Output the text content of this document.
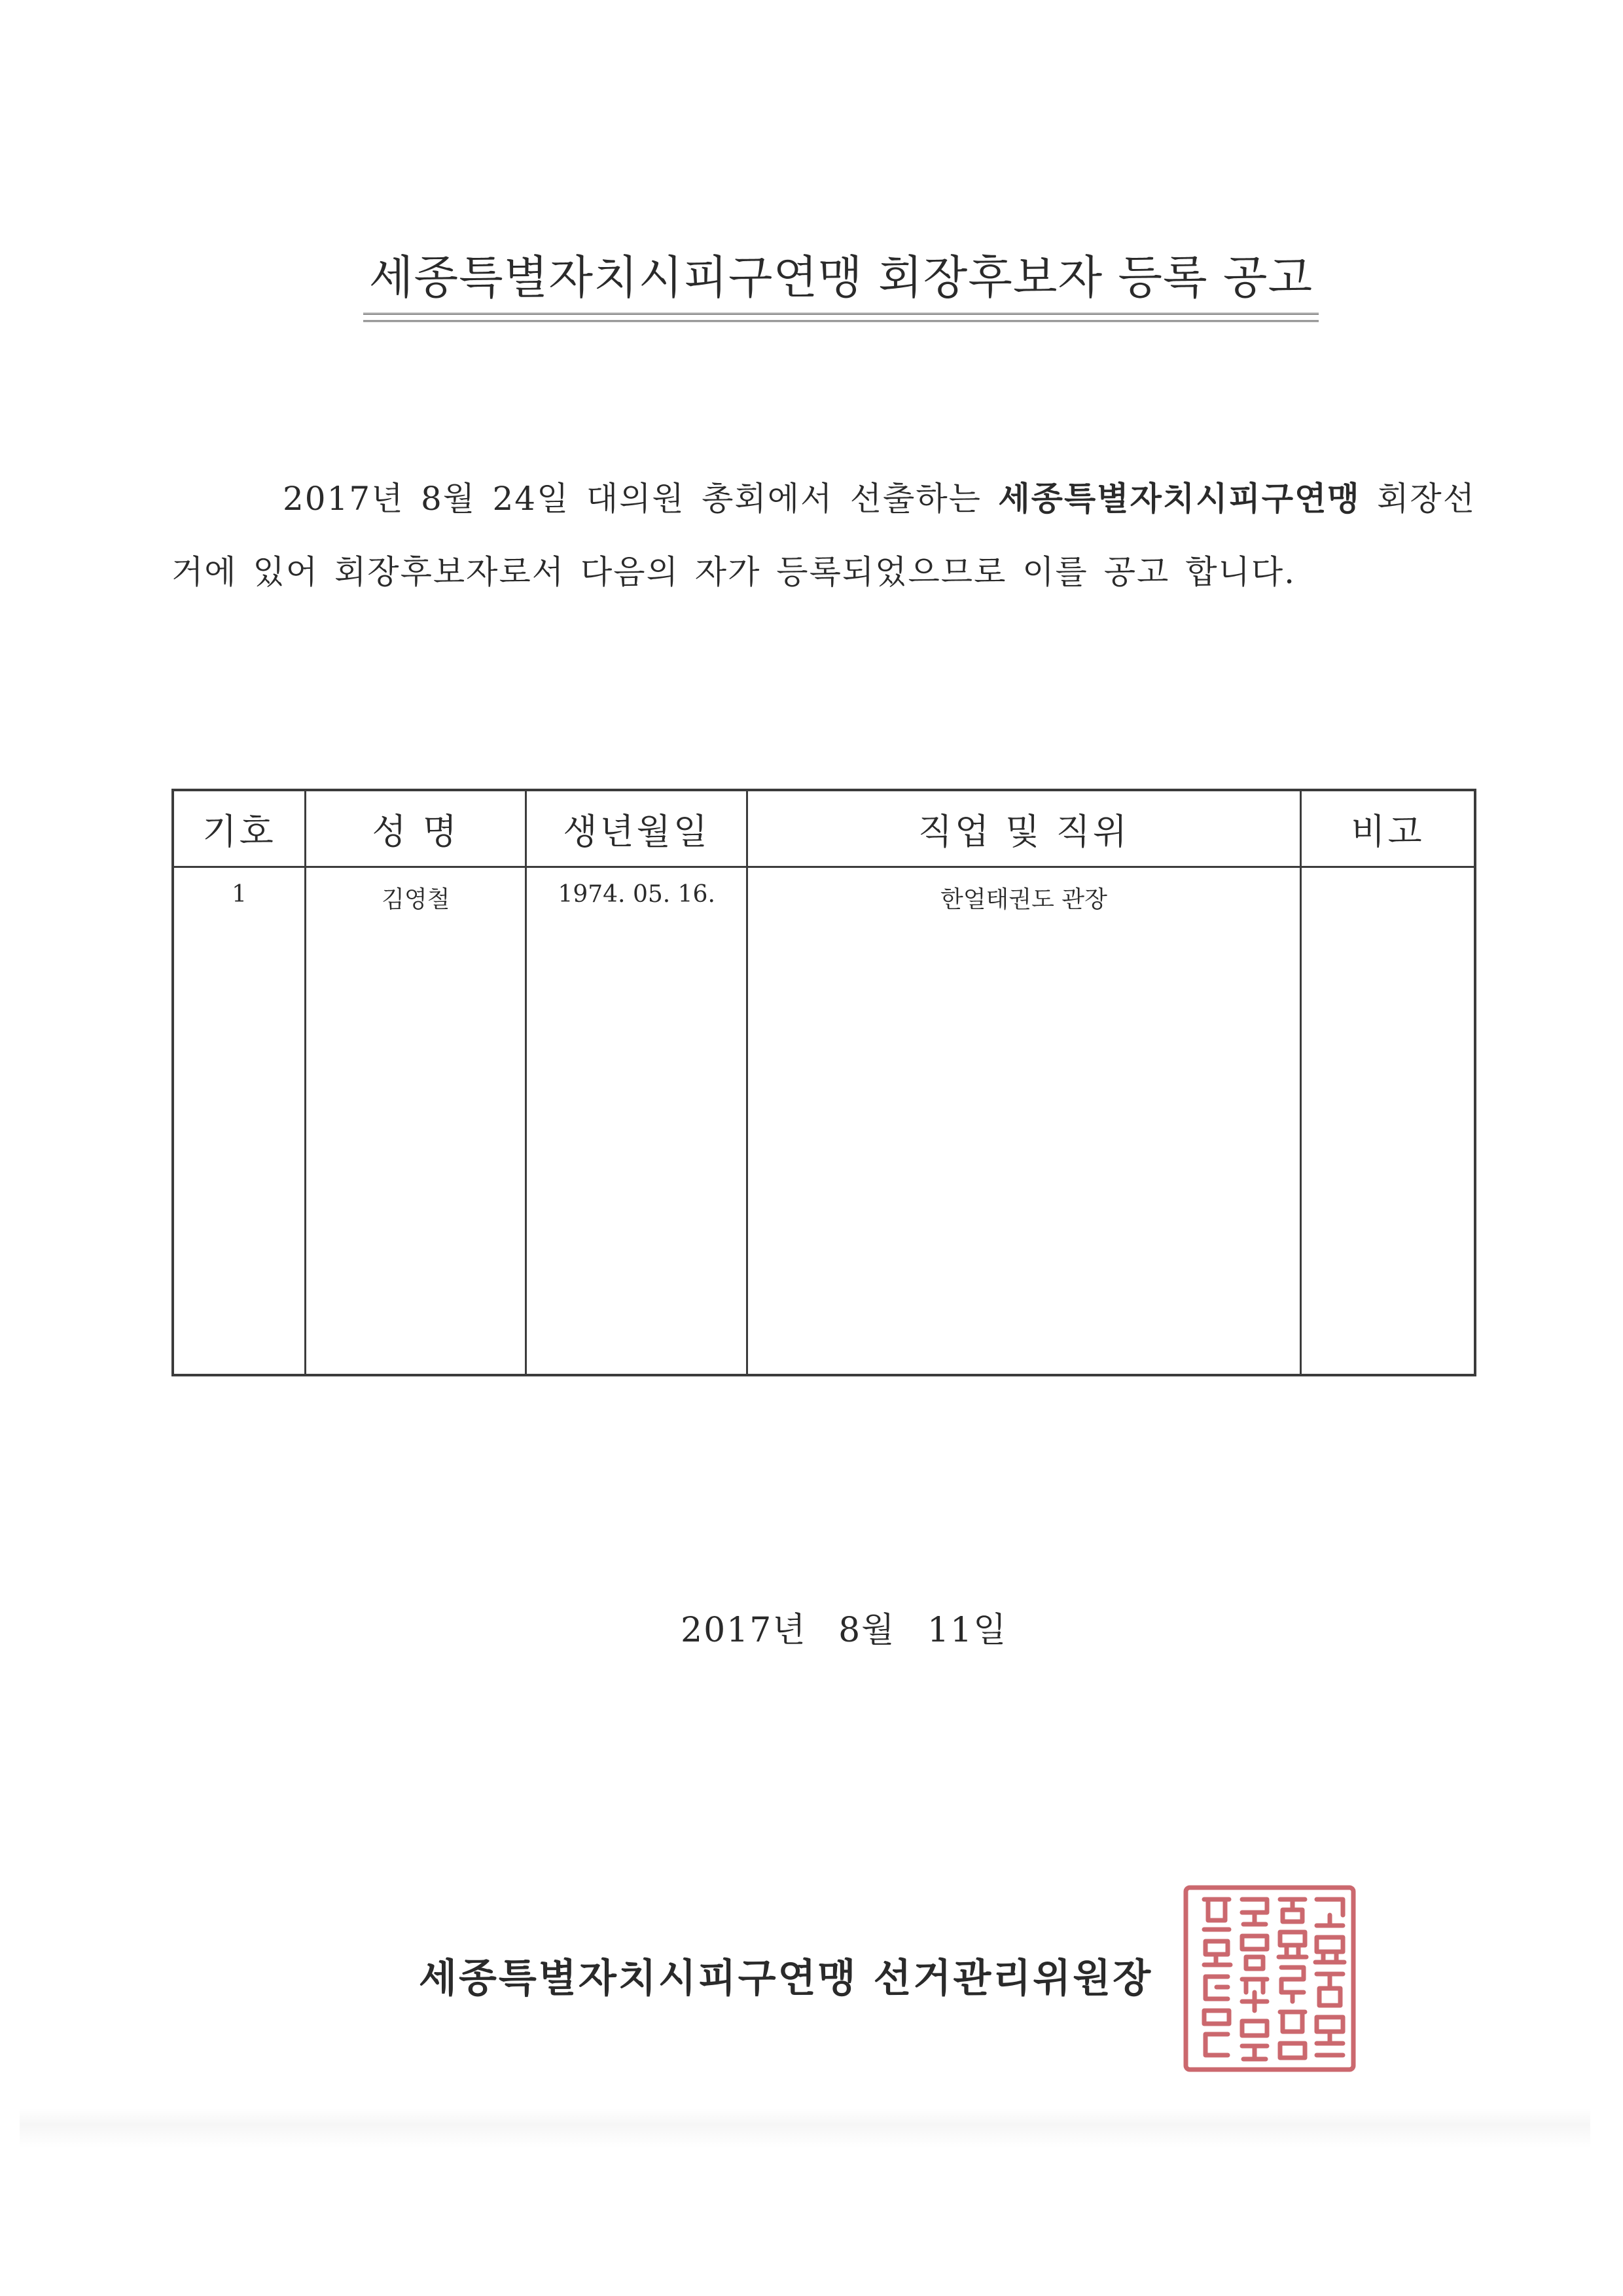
세종특별자치시피구연맹 회장후보자 등록 공고

2017년 8월 24일 대의원 총회에서 선출하는 세종특별자치시피구연맹 회장선거에 있어 회장후보자로서 다음의 자가 등록되었으므로 이를 공고 합니다.

기호	성 명	생년월일	직업 및 직위	비고
1	김영철	1974. 05. 16.	한얼태권도 관장	

2017년 8월 11일

세종특별자치시피구연맹 선거관리위원장
